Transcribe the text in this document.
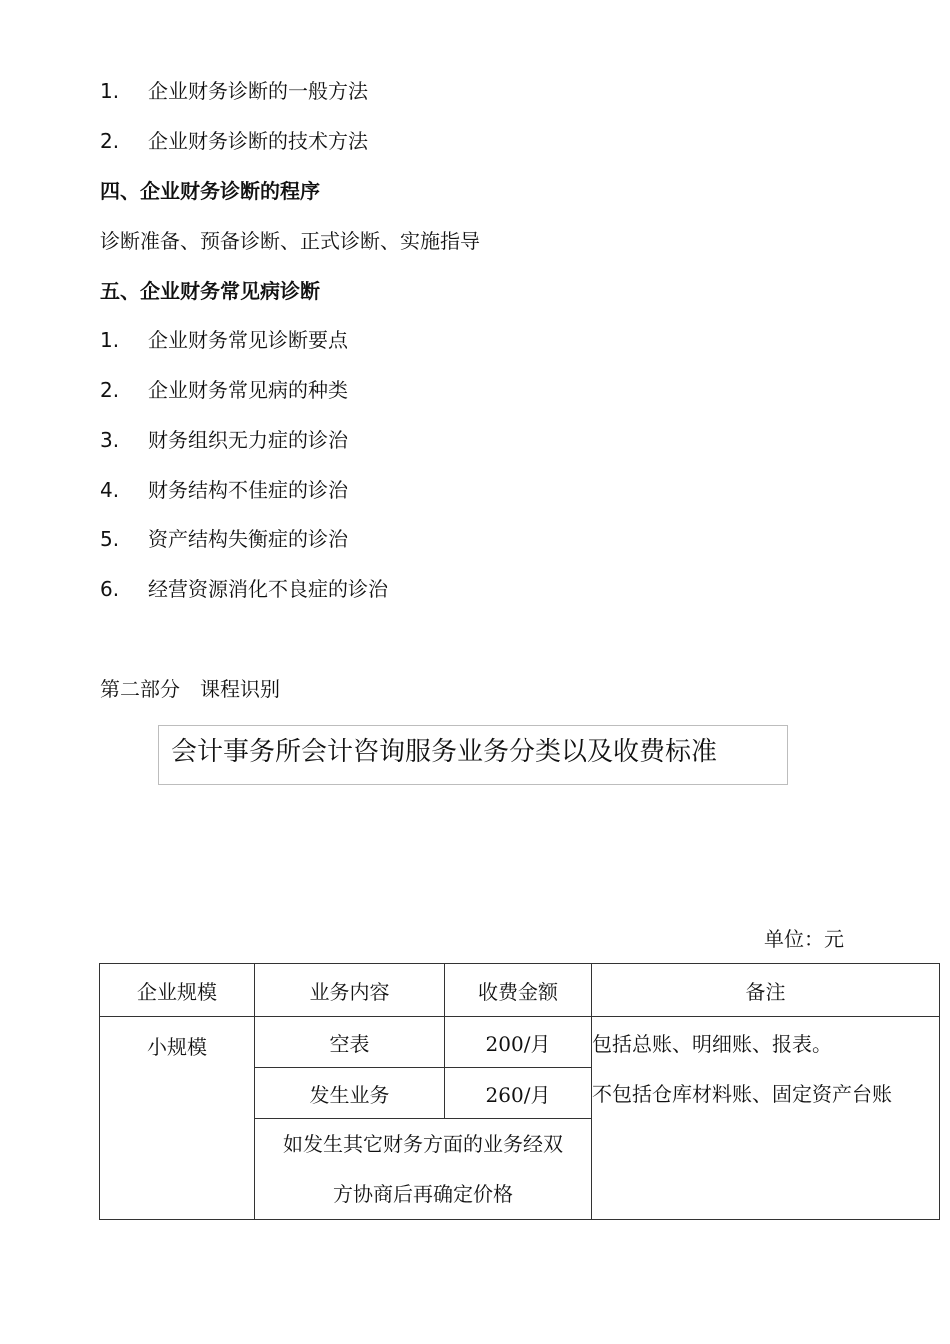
1. 企业财务诊断的一般方法
2. 企业财务诊断的技术方法
四、企业财务诊断的程序
诊断准备、预备诊断、正式诊断、实施指导
五、企业财务常见病诊断
1. 企业财务常见诊断要点
2. 企业财务常见病的种类
3. 财务组织无力症的诊治
4. 财务结构不佳症的诊治
5. 资产结构失衡症的诊治
6. 经营资源消化不良症的诊治
第二部分　课程识别
会计事务所会计咨询服务业务分类以及收费标准
单位：元
企业规模	业务内容	收费金额	备注
小规模	空表	200/月	包括总账、明细账、报表。
不包括仓库材料账、固定资产台账

	发生业务	260/月	

	如发生其它财务方面的业务经双
方协商后再确定价格		
